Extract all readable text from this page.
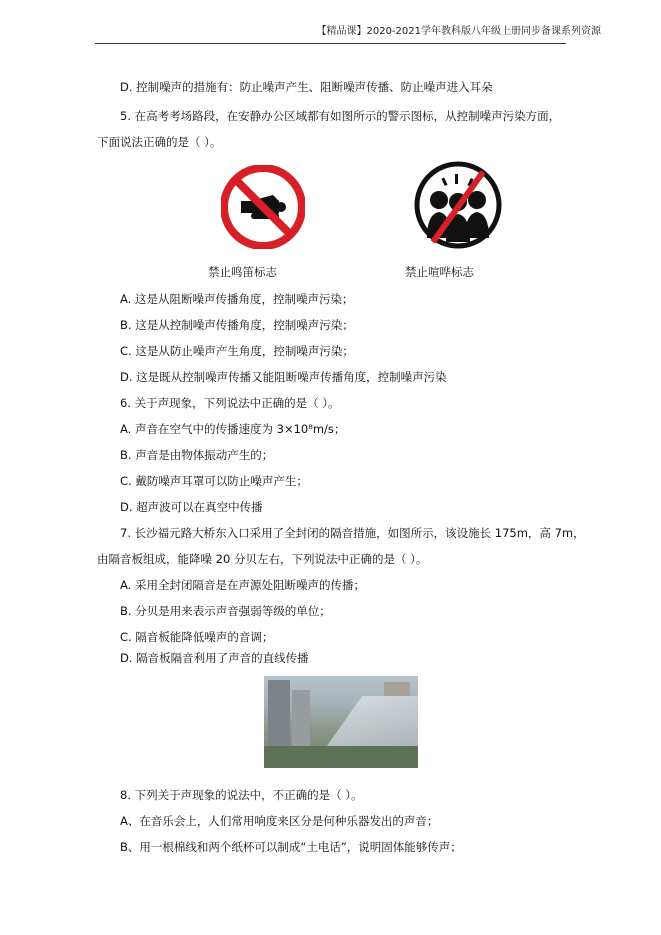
【精品课】2020-2021学年教科版八年级上册同步备课系列资源
D. 控制噪声的措施有：防止噪声产生、阻断噪声传播、防止噪声进入耳朵
5. 在高考考场路段，在安静办公区域都有如图所示的警示图标，从控制噪声污染方面，
下面说法正确的是（ ）。
禁止鸣笛标志	禁止喧哗标志
A. 这是从阻断噪声传播角度，控制噪声污染；
B. 这是从控制噪声传播角度，控制噪声污染；
C. 这是从防止噪声产生角度，控制噪声污染；
D. 这是既从控制噪声传播又能阻断噪声传播角度，控制噪声污染
6. 关于声现象，下列说法中正确的是（ ）。
A. 声音在空气中的传播速度为 3×10⁸m/s；
B. 声音是由物体振动产生的；
C. 戴防噪声耳罩可以防止噪声产生；
D. 超声波可以在真空中传播
7. 长沙福元路大桥东入口采用了全封闭的隔音措施，如图所示，该设施长 175m，高 7m，
由隔音板组成，能降噪 20 分贝左右，下列说法中正确的是（ ）。
A. 采用全封闭隔音是在声源处阻断噪声的传播；
B. 分贝是用来表示声音强弱等级的单位；
C. 隔音板能降低噪声的音调；
D. 隔音板隔音利用了声音的直线传播
8. 下列关于声现象的说法中，不正确的是（ ）。
A、在音乐会上，人们常用响度来区分是何种乐器发出的声音；
B、用一根棉线和两个纸杯可以制成“土电话”，说明固体能够传声；
